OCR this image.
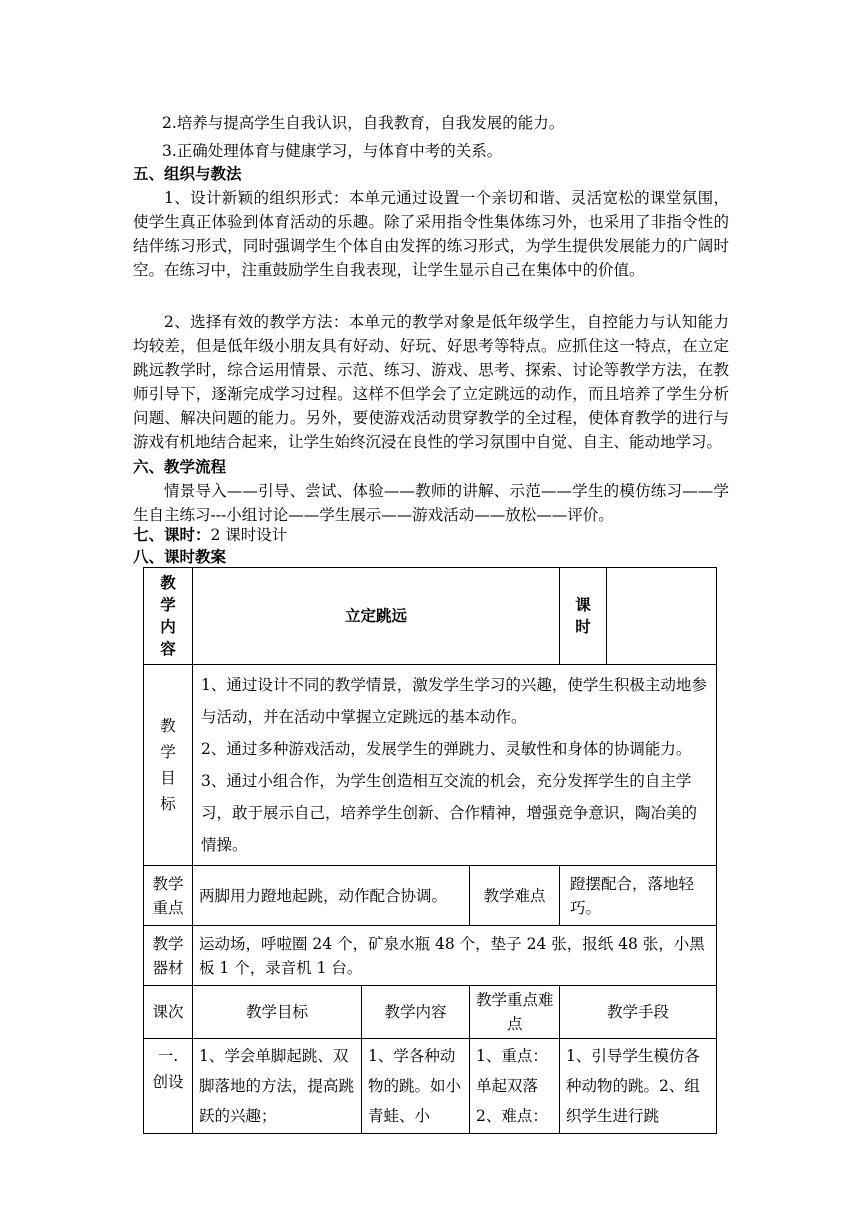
2.培养与提高学生自我认识，自我教育，自我发展的能力。
3.正确处理体育与健康学习，与体育中考的关系。
五、组织与教法
1、设计新颖的组织形式：本单元通过设置一个亲切和谐、灵活宽松的课堂氛围，使学生真正体验到体育活动的乐趣。除了采用指令性集体练习外，也采用了非指令性的结伴练习形式，同时强调学生个体自由发挥的练习形式，为学生提供发展能力的广阔时空。在练习中，注重鼓励学生自我表现，让学生显示自己在集体中的价值。
2、选择有效的教学方法：本单元的教学对象是低年级学生，自控能力与认知能力均较差，但是低年级小朋友具有好动、好玩、好思考等特点。应抓住这一特点，在立定跳远教学时，综合运用情景、示范、练习、游戏、思考、探索、讨论等教学方法，在教师引导下，逐渐完成学习过程。这样不但学会了立定跳远的动作，而且培养了学生分析问题、解决问题的能力。另外，要使游戏活动贯穿教学的全过程，使体育教学的进行与游戏有机地结合起来，让学生始终沉浸在良性的学习氛围中自觉、自主、能动地学习。
六、教学流程
情景导入——引导、尝试、体验——教师的讲解、示范——学生的模仿练习——学生自主练习---小组讨论——学生展示——游戏活动——放松——评价。
七、课时：2 课时设计
八、课时教案
教学内容	立定跳远			课时	
教学目标	1、通过设计不同的教学情景，激发学生学习的兴趣，使学生积极主动地参与活动，并在活动中掌握立定跳远的基本动作。
2、通过多种游戏活动，发展学生的弹跳力、灵敏性和身体的协调能力。
3、通过小组合作，为学生创造相互交流的机会，充分发挥学生的自主学习，敢于展示自己，培养学生创新、合作精神，增强竞争意识，陶冶美的情操。				

教学重点	两脚用力蹬地起跳，动作配合协调。		教学难点	蹬摆配合，落地轻巧。	
教学器材	运动场，呼啦圈 24 个，矿泉水瓶 48 个，垫子 24 张，报纸 48 张，小黑板 1 个，录音机 1 台。				
课次	教学目标	教学内容	教学重点难点	教学手段	
一.创设	1、学会单脚起跳、双脚落地的方法，提高跳跃的兴趣；	1、学各种动物的跳。如小青蛙、小	1、重点：单起双落 2、难点：	1、引导学生模仿各种动物的跳。2、组织学生进行跳	
